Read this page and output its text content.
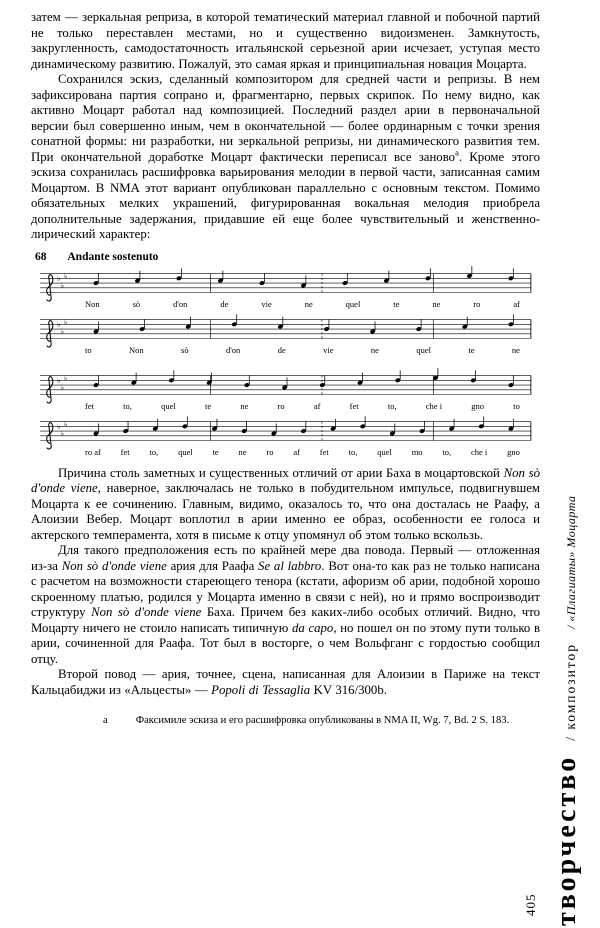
затем — зеркальная реприза, в которой тематический материал главной и побочной партий не только переставлен местами, но и существенно видоизменен. Замкнутость, закругленность, самодостаточность итальянской серьезной арии исчезает, уступая место динамическому развитию. Пожалуй, это самая яркая и принципиальная новация Моцарта.

Сохранился эскиз, сделанный композитором для средней части и репризы. В нем зафиксирована партия сопрано и, фрагментарно, первых скрипок. По нему видно, как активно Моцарт работал над композицией. Последний раздел арии в первоначальной версии был совершенно иным, чем в окончательной — более ординарным с точки зрения сонатной формы: ни разработки, ни зеркальной репризы, ни динамического развития тем. При окончательной доработке Моцарт фактически переписал все заново$^а$. Кроме этого эскиза сохранилась расшифровка варьирования мелодии в первой части, записанная самим Моцартом. В NMA этот вариант опубликован параллельно с основным текстом. Помимо обязательных мелких украшений, фигурированная вокальная мелодия приобрела дополнительные задержания, придавшие ей еще более чувствительный и женственно-лирический характер:

68 Andante sostenuto
♭
♭
♭
Non	sò	d'on	de	vie	ne	quel	te	ne	ro	af
♭
♭
♭
to	Non	sò	d'on	de	vie	ne	quel	te	ne
♭
♭
♭
fet	to,	quel	te	ne	ro	af	fet	to,	che i	gno	to
♭
♭
♭
ro af fet to, quel te ne ro af fet to, quel mo to, che i gno

Причина столь заметных и существенных отличий от арии Баха в моцартовской Non sò d'onde viene, наверное, заключалась не только в побудительном импульсе, подвигнувшем Моцарта к ее сочинению. Главным, видимо, оказалось то, что она досталась не Раафу, а Алоизии Вебер. Моцарт воплотил в арии именно ее образ, особенности ее голоса и актерского темперамента, хотя в письме к отцу упомянул об этом только вскользь.

Для такого предположения есть по крайней мере два повода. Первый — отложенная из-за Non sò d'onde viene ария для Раафа Se al labbro. Вот она-то как раз не только написана с расчетом на возможности стареющего тенора (кстати, афоризм об арии, подобной хорошо скроенному платью, родился у Моцарта именно в связи с ней), но и прямо воспроизводит структуру Non sò d'onde viene Баха. Причем без каких-либо особых отличий. Видно, что Моцарту ничего не стоило написать типичную da capo, но пошел он по этому пути только в арии, сочиненной для Раафа. Тот был в восторге, о чем Вольфганг с гордостью сообщил отцу.

Второй повод — ария, точнее, сцена, написанная для Алоизии в Париже на текст Кальцабиджи из «Альцесты» — Popoli di Tessaglia KV 316/300b.

а	Факсимиле эскиза и его расшифровка опубликованы в NMA II, Wg. 7, Bd. 2 S. 183.
творчество/ композитор/ «Плагиаты» Моцарта
405
